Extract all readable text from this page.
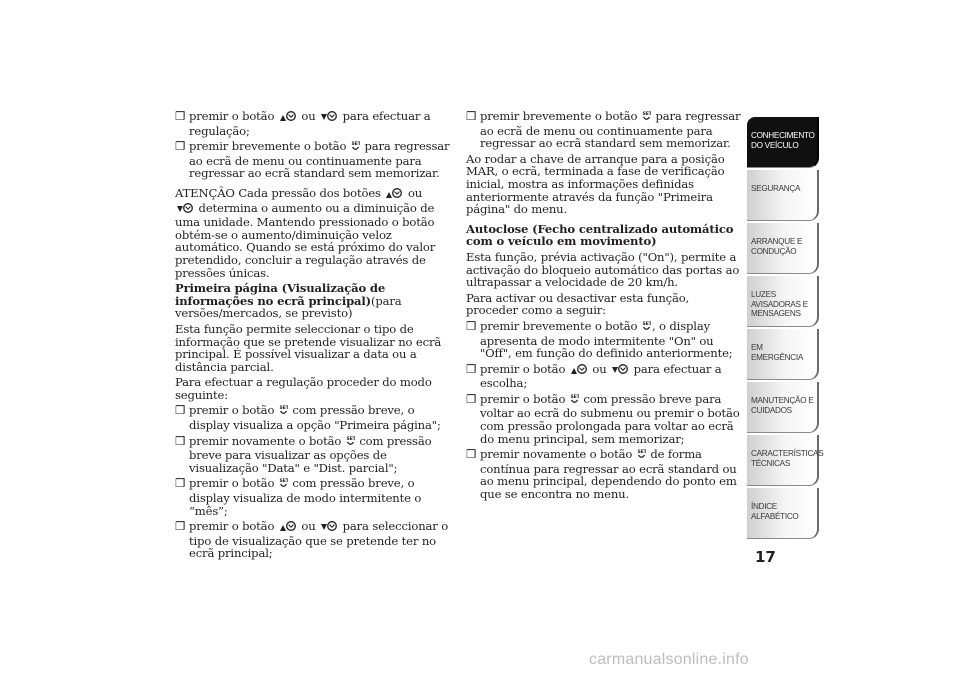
❒ premir o botão ou para efectuar a regulação;
❒ premir brevemente o botão SET para regressar ao ecrã de menu ou continuamente para regressar ao ecrã standard sem memorizar.
ATENÇÃO Cada pressão dos botões ou
determina o aumento ou a diminuição de uma unidade. Mantendo pressionado o botão obtém-se o aumento/diminuição veloz automático. Quando se está próximo do valor pretendido, concluir a regulação através de pressões únicas.
Primeira página (Visualização de informações no ecrã principal)(para versões/mercados, se previsto)
Esta função permite seleccionar o tipo de informação que se pretende visualizar no ecrã principal. É possível visualizar a data ou a distância parcial.
Para efectuar a regulação proceder do modo seguinte:
❒ premir o botão SET com pressão breve, o display visualiza a opção "Primeira página";
❒ premir novamente o botão SET com pressão breve para visualizar as opções de visualização "Data" e "Dist. parcial";
❒ premir o botão SET com pressão breve, o display visualiza de modo intermitente o “mês”;
❒ premir o botão ou para seleccionar o tipo de visualização que se pretende ter no ecrã principal;
❒ premir brevemente o botão SET para regressar ao ecrã de menu ou continuamente para regressar ao ecrã standard sem memorizar.
Ao rodar a chave de arranque para a posição MAR, o ecrã, terminada a fase de verificação inicial, mostra as informações definidas anteriormente através da função "Primeira página" do menu.
Autoclose (Fecho centralizado automático com o veículo em movimento)
Esta função, prévia activação ("On"), permite a activação do bloqueio automático das portas ao ultrapassar a velocidade de 20 km/h.
Para activar ou desactivar esta função, proceder como a seguir:
❒ premir brevemente o botão SET , o display apresenta de modo intermitente "On" ou "Off", em função do definido anteriormente;
❒ premir o botão ou para efectuar a escolha;
❒ premir o botão SET com pressão breve para voltar ao ecrã do submenu ou premir o botão com pressão prolongada para voltar ao ecrã do menu principal, sem memorizar;
❒ premir novamente o botão SET de forma contínua para regressar ao ecrã standard ou ao menu principal, dependendo do ponto em que se encontra no menu.
CONHECIMENTO
DO VEÍCULO
SEGURANÇA
ARRANQUE E
CONDUÇÃO
LUZES
AVISADORAS E
MENSAGENS
EM EMERGÊNCIA
MANUTENÇÃO E
CUIDADOS
CARACTERÍSTICAS
TÉCNICAS
ÍNDICE
ALFABÉTICO
17
carmanualsonline.info
